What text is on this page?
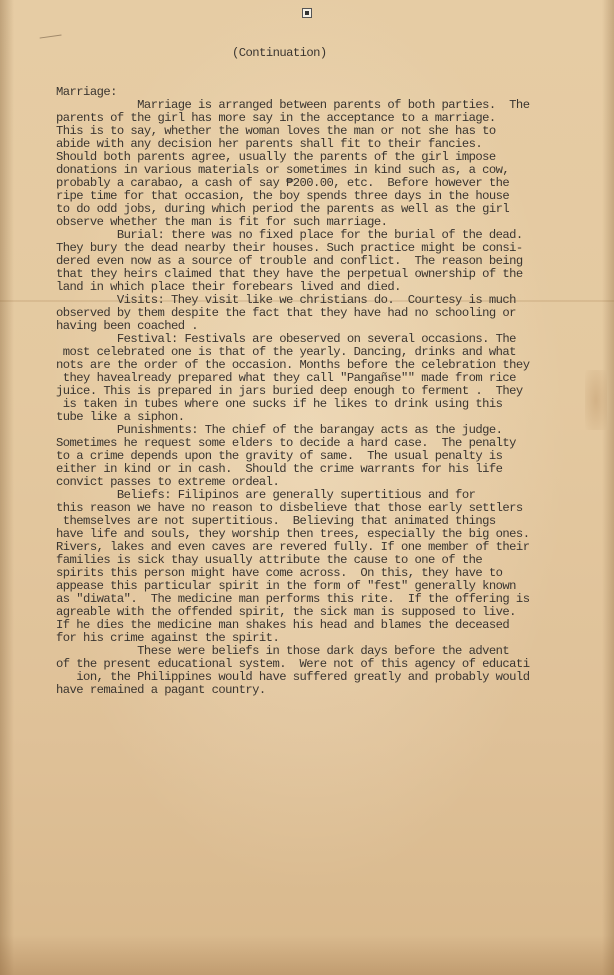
(Continuation)
Marriage:
Marriage is arranged between parents of both parties.  The
parents of the girl has more say in the acceptance to a marriage.
This is to say, whether the woman loves the man or not she has to
abide with any decision her parents shall fit to their fancies.
Should both parents agree, usually the parents of the girl impose
donations in various materials or sometimes in kind such as, a cow,
probably a carabao, a cash of say ₱200.00, etc.  Before however the
ripe time for that occasion, the boy spends three days in the house
to do odd jobs, during which period the parents as well as the girl
observe whether the man is fit for such marriage.
Burial: there was no fixed place for the burial of the dead.
They bury the dead nearby their houses. Such practice might be consi-
dered even now as a source of trouble and conflict.  The reason being
that they heirs claimed that they have the perpetual ownership of the
land in which place their forebears lived and died.
Visits: They visit like we christians do.  Courtesy is much
observed by them despite the fact that they have had no schooling or
having been coached .
Festival: Festivals are obeserved on several occasions. The
most celebrated one is that of the yearly. Dancing, drinks and what
nots are the order of the occasion. Months before the celebration they
they havealready prepared what they call "Pangañse"" made from rice
juice. This is prepared in jars buried deep enough to ferment .  They
is taken in tubes where one sucks if he likes to drink using this
tube like a siphon.
Punishments: The chief of the barangay acts as the judge.
Sometimes he request some elders to decide a hard case.  The penalty
to a crime depends upon the gravity of same.  The usual penalty is
either in kind or in cash.  Should the crime warrants for his life
convict passes to extreme ordeal.
Beliefs: Filipinos are generally supertitious and for
this reason we have no reason to disbelieve that those early settlers
themselves are not supertitious.  Believing that animated things
have life and souls, they worship then trees, especially the big ones.
Rivers, lakes and even caves are revered fully. If one member of their
families is sick thay usually attribute the cause to one of the
spirits this person might have come across.  On this, they have to
appease this particular spirit in the form of "fest" generally known
as "diwata".  The medicine man performs this rite.  If the offering is
agreable with the offended spirit, the sick man is supposed to live.
If he dies the medicine man shakes his head and blames the deceased
for his crime against the spirit.
These were beliefs in those dark days before the advent
of the present educational system.  Were not of this agency of educati
ion, the Philippines would have suffered greatly and probably would
have remained a pagant country.
